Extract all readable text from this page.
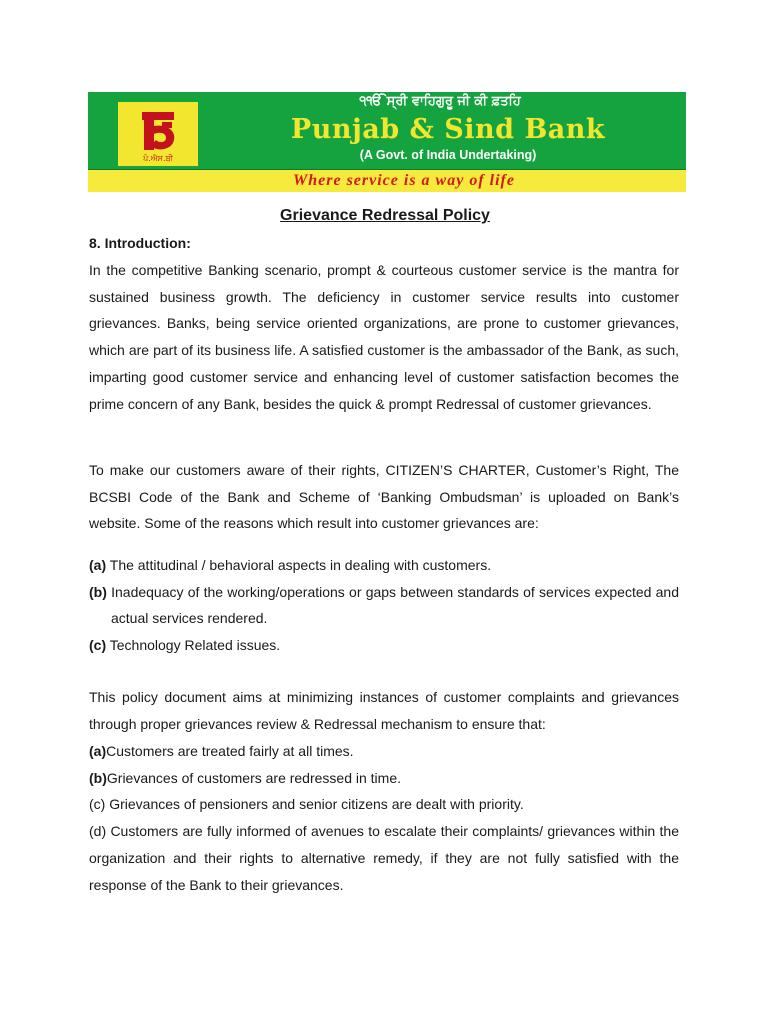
ਪੰ.ਐਸ.ਬੀ
੧ੴ ਸ੍ਰੀ ਵਾਹਿਗੁਰੂ ਜੀ ਕੀ ਫ਼ਤਹਿ
Punjab & Sind Bank
(A Govt. of India Undertaking)
Where service is a way of life
Grievance Redressal Policy
8. Introduction:

In the competitive Banking scenario, prompt & courteous customer service is the mantra for sustained business growth. The deficiency in customer service results into customer grievances. Banks, being service oriented organizations, are prone to customer grievances, which are part of its business life. A satisfied customer is the ambassador of the Bank, as such, imparting good customer service and enhancing level of customer satisfaction becomes the prime concern of any Bank, besides the quick & prompt Redressal of customer grievances.

To make our customers aware of their rights, CITIZEN’S CHARTER, Customer’s Right, The BCSBI Code of the Bank and Scheme of ‘Banking Ombudsman’ is uploaded on Bank’s website. Some of the reasons which result into customer grievances are:

(a) The attitudinal / behavioral aspects in dealing with customers.
(b) Inadequacy of the working/operations or gaps between standards of services expected and actual services rendered.
(c) Technology Related issues.

This policy document aims at minimizing instances of customer complaints and grievances through proper grievances review & Redressal mechanism to ensure that:

(a)Customers are treated fairly at all times.
(b)Grievances of customers are redressed in time.
(c) Grievances of pensioners and senior citizens are dealt with priority.
(d) Customers are fully informed of avenues to escalate their complaints/ grievances within the organization and their rights to alternative remedy, if they are not fully satisfied with the response of the Bank to their grievances.
